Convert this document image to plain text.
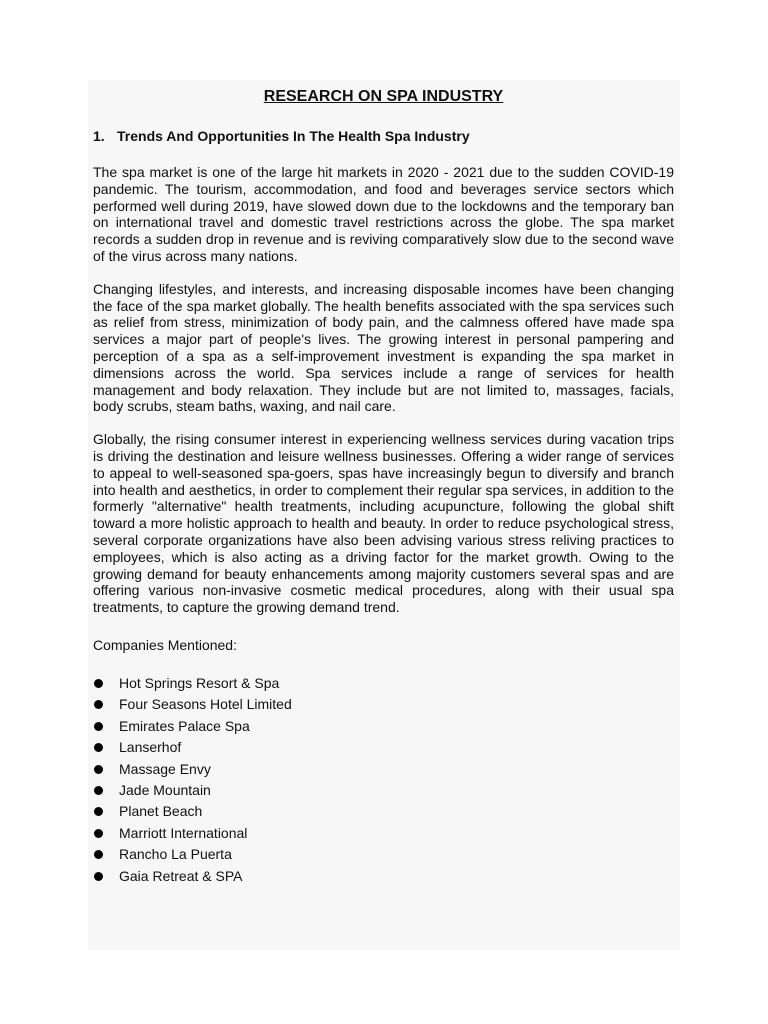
RESEARCH ON SPA INDUSTRY
1. Trends And Opportunities In The Health Spa Industry

The spa market is one of the large hit markets in 2020 - 2021 due to the sudden COVID-19 pandemic. The tourism, accommodation, and food and beverages service sectors which performed well during 2019, have slowed down due to the lockdowns and the temporary ban on international travel and domestic travel restrictions across the globe. The spa market records a sudden drop in revenue and is reviving comparatively slow due to the second wave of the virus across many nations.

Changing lifestyles, and interests, and increasing disposable incomes have been changing the face of the spa market globally. The health benefits associated with the spa services such as relief from stress, minimization of body pain, and the calmness offered have made spa services a major part of people's lives. The growing interest in personal pampering and perception of a spa as a self-improvement investment is expanding the spa market in dimensions across the world. Spa services include a range of services for health management and body relaxation. They include but are not limited to, massages, facials, body scrubs, steam baths, waxing, and nail care.

Globally, the rising consumer interest in experiencing wellness services during vacation trips is driving the destination and leisure wellness businesses. Offering a wider range of services to appeal to well-seasoned spa-goers, spas have increasingly begun to diversify and branch into health and aesthetics, in order to complement their regular spa services, in addition to the formerly "alternative" health treatments, including acupuncture, following the global shift toward a more holistic approach to health and beauty. In order to reduce psychological stress, several corporate organizations have also been advising various stress reliving practices to employees, which is also acting as a driving factor for the market growth. Owing to the growing demand for beauty enhancements among majority customers several spas and are offering various non-invasive cosmetic medical procedures, along with their usual spa treatments, to capture the growing demand trend.

Companies Mentioned:

Hot Springs Resort & Spa
Four Seasons Hotel Limited
Emirates Palace Spa
Lanserhof
Massage Envy
Jade Mountain
Planet Beach
Marriott International
Rancho La Puerta
Gaia Retreat & SPA
